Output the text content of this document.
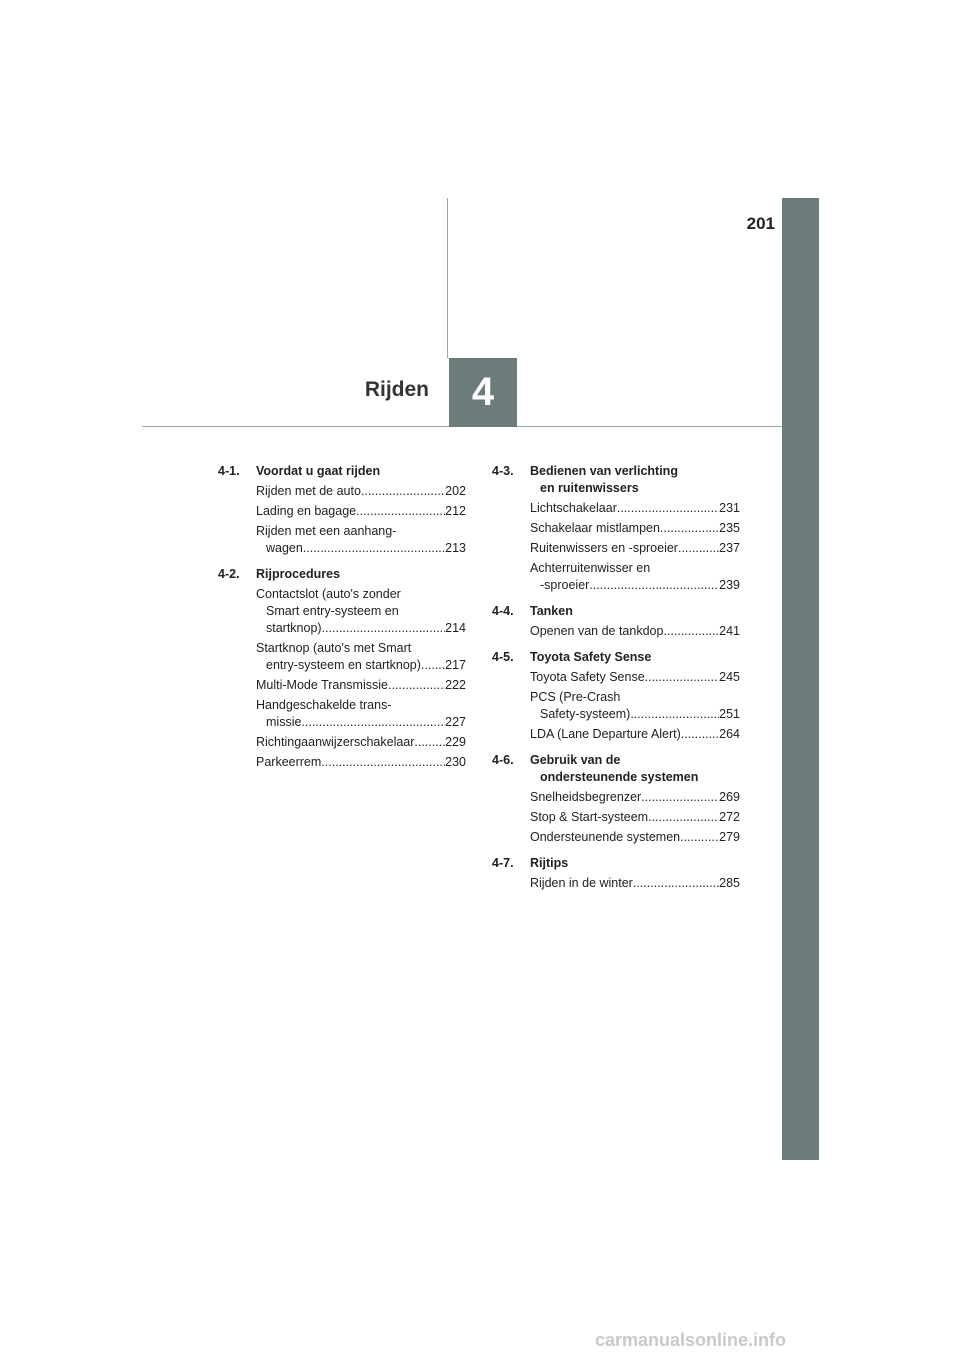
201
4
Rijden
4-1. Voordat u gaat rijden
Rijden met de auto .....	202
Lading en bagage .....	212
Rijden met een aanhang-
wagen .....	213
4-2. Rijprocedures
Contactslot (auto's zonder
Smart entry-systeem en
startknop) .....	214
Startknop (auto's met Smart
entry-systeem en startknop) ..... 217
Multi-Mode Transmissie .....	222
Handgeschakelde trans-
missie .....	227
Richtingaanwijzerschakelaar ..... 229
Parkeerrem .....	230
4-3. Bedienen van verlichting
en ruitenwissers
Lichtschakelaar .....	231
Schakelaar mistlampen .....	235
Ruitenwissers en -sproeier .....	237
Achterruitenwisser en
-sproeier .....	239
4-4. Tanken
Openen van de tankdop .....	241
4-5. Toyota Safety Sense
Toyota Safety Sense .....	245
PCS (Pre-Crash
Safety-systeem) .....	251
LDA (Lane Departure Alert) .....	264
4-6. Gebruik van de
ondersteunende systemen
Snelheidsbegrenzer .....	269
Stop & Start-systeem .....	272
Ondersteunende systemen .....	279
4-7. Rijtips
Rijden in de winter .....	285
carmanualsonline.info
